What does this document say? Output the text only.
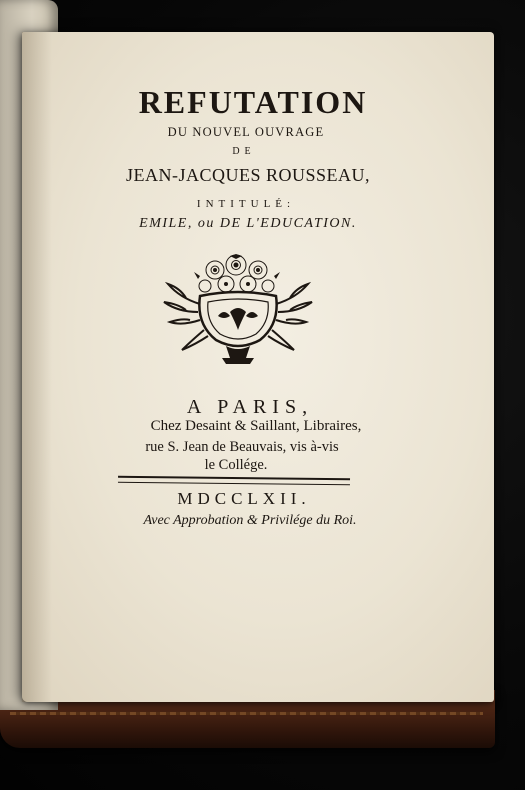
REFUTATION
DU NOUVEL OUVRAGE
DE
JEAN-JACQUES ROUSSEAU,
INTITULÉ:
EMILE, ou DE L'EDUCATION.
A PARIS,
Chez Desaint & Saillant, Libraires,
rue S. Jean de Beauvais, vis à-vis
le Collége.
MDCCLXII.
Avec Approbation & Privilége du Roi.
